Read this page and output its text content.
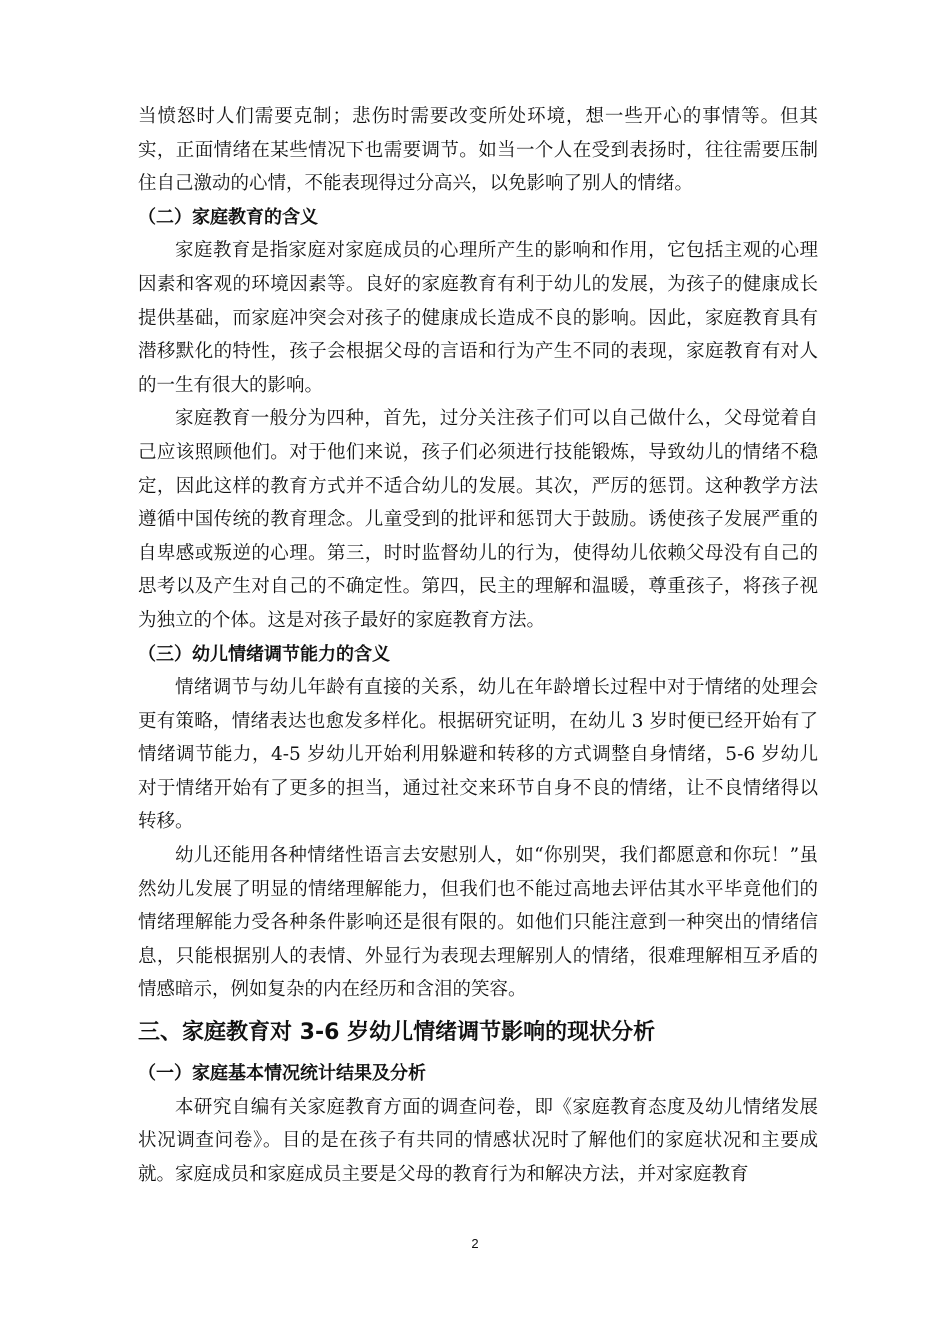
当愤怒时人们需要克制；悲伤时需要改变所处环境，想一些开心的事情等。但其实，正面情绪在某些情况下也需要调节。如当一个人在受到表扬时，往往需要压制住自己激动的心情，不能表现得过分高兴，以免影响了别人的情绪。

（二）家庭教育的含义

家庭教育是指家庭对家庭成员的心理所产生的影响和作用，它包括主观的心理因素和客观的环境因素等。良好的家庭教育有利于幼儿的发展，为孩子的健康成长提供基础，而家庭冲突会对孩子的健康成长造成不良的影响。因此，家庭教育具有潜移默化的特性，孩子会根据父母的言语和行为产生不同的表现，家庭教育有对人的一生有很大的影响。

家庭教育一般分为四种，首先，过分关注孩子们可以自己做什么，父母觉着自己应该照顾他们。对于他们来说，孩子们必须进行技能锻炼，导致幼儿的情绪不稳定，因此这样的教育方式并不适合幼儿的发展。其次，严厉的惩罚。这种教学方法遵循中国传统的教育理念。儿童受到的批评和惩罚大于鼓励。诱使孩子发展严重的自卑感或叛逆的心理。第三，时时监督幼儿的行为，使得幼儿依赖父母没有自己的思考以及产生对自己的不确定性。第四，民主的理解和温暖，尊重孩子，将孩子视为独立的个体。这是对孩子最好的家庭教育方法。

（三）幼儿情绪调节能力的含义

情绪调节与幼儿年龄有直接的关系，幼儿在年龄增长过程中对于情绪的处理会更有策略，情绪表达也愈发多样化。根据研究证明，在幼儿 3 岁时便已经开始有了情绪调节能力，4-5 岁幼儿开始利用躲避和转移的方式调整自身情绪，5-6 岁幼儿对于情绪开始有了更多的担当，通过社交来环节自身不良的情绪，让不良情绪得以转移。

幼儿还能用各种情绪性语言去安慰别人，如“你别哭，我们都愿意和你玩！”虽然幼儿发展了明显的情绪理解能力，但我们也不能过高地去评估其水平毕竟他们的情绪理解能力受各种条件影响还是很有限的。如他们只能注意到一种突出的情绪信息，只能根据别人的表情、外显行为表现去理解别人的情绪，很难理解相互矛盾的情感暗示，例如复杂的内在经历和含泪的笑容。

三、家庭教育对 3-6 岁幼儿情绪调节影响的现状分析
（一）家庭基本情况统计结果及分析

本研究自编有关家庭教育方面的调查问卷，即《家庭教育态度及幼儿情绪发展状况调查问卷》。目的是在孩子有共同的情感状况时了解他们的家庭状况和主要成就。家庭成员和家庭成员主要是父母的教育行为和解决方法，并对家庭教育

2
